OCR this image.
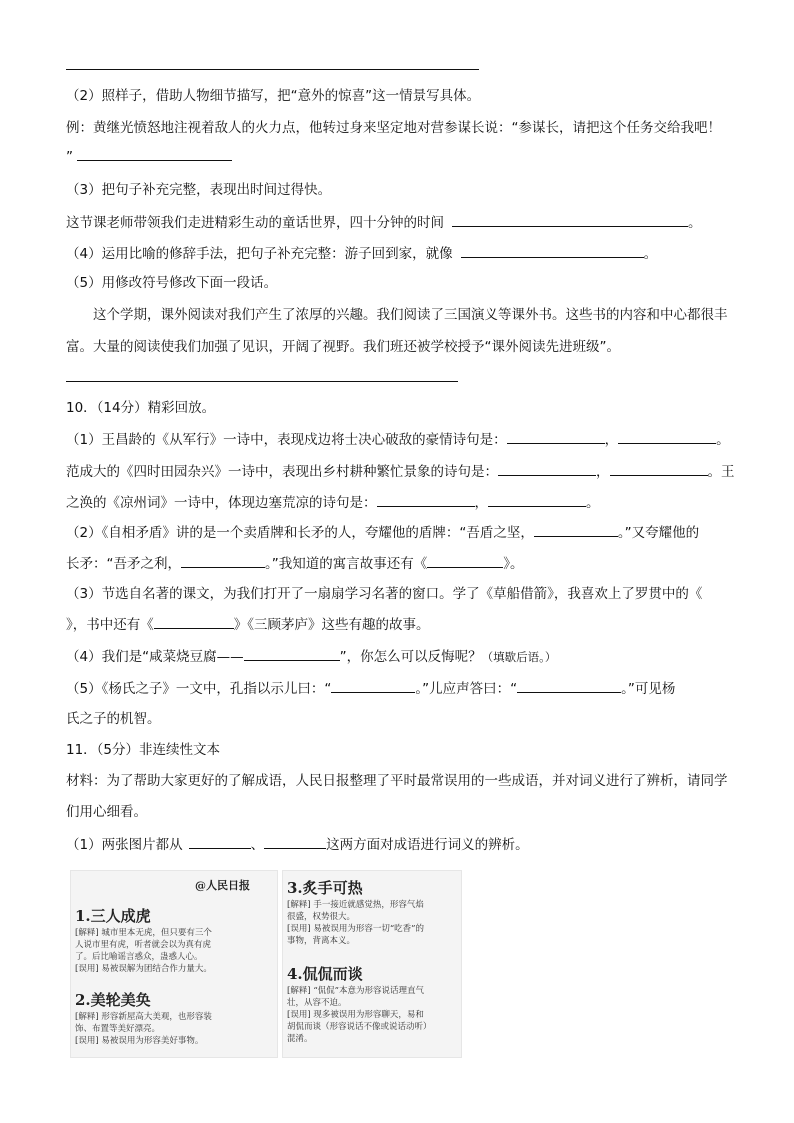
（2）照样子，借助人物细节描写，把“意外的惊喜”这一情景写具体。
例：黄继光愤怒地注视着敌人的火力点，他转过身来坚定地对营参谋长说：“参谋长，请把这个任务交给我吧！
”
（3）把句子补充完整，表现出时间过得快。
这节课老师带领我们走进精彩生动的童话世界，四十分钟的时间	。
（4）运用比喻的修辞手法，把句子补充完整：游子回到家，就像	。
（5）用修改符号修改下面一段话。
这个学期，课外阅读对我们产生了浓厚的兴趣。我们阅读了三国演义等课外书。这些书的内容和中心都很丰
富。大量的阅读使我们加强了见识，开阔了视野。我们班还被学校授予“课外阅读先进班级”。
10．（14分）精彩回放。
（1）王昌龄的《从军行》一诗中，表现戍边将士决心破敌的豪情诗句是：	，	。
范成大的《四时田园杂兴》一诗中，表现出乡村耕种繁忙景象的诗句是：	，	。王
之涣的《凉州词》一诗中，体现边塞荒凉的诗句是：	，	。
（2）《自相矛盾》讲的是一个卖盾牌和长矛的人，夸耀他的盾牌：“吾盾之坚，	。”又夸耀他的
长矛：“吾矛之利，	。”我知道的寓言故事还有《	》。
（3）节选自名著的课文，为我们打开了一扇扇学习名著的窗口。学了《草船借箭》，我喜欢上了罗贯中的《
》，书中还有《	》《三顾茅庐》这些有趣的故事。
（4）我们是“咸菜烧豆腐——	”，你怎么可以反悔呢？（填歇后语。）
（5）《杨氏之子》一文中，孔指以示儿曰：“	。”儿应声答曰：“	。”可见杨
氏之子的机智。
11．（5分）非连续性文本
材料：为了帮助大家更好的了解成语，人民日报整理了平时最常误用的一些成语，并对词义进行了辨析，请同学
们用心细看。
（1）两张图片都从	、	这两方面对成语进行词义的辨析。
@人民日报
1.三人成虎
[解释] 城市里本无虎，但只要有三个
人说市里有虎，听者就会以为真有虎
了。后比喻谣言惑众，蛊惑人心。
[误用] 易被误解为团结合作力量大。
2.美轮美奂
[解释] 形容新屋高大美观，也形容装
饰、布置等美好漂亮。
[误用] 易被误用为形容美好事物。
3.炙手可热
[解释] 手一接近就感觉热，形容气焰
很盛，权势很大。
[误用] 易被误用为形容一切“吃香”的
事物，背离本义。
4.侃侃而谈
[解释] “侃侃”本意为形容说话理直气
壮，从容不迫。
[误用] 现多被误用为形容聊天，易和
胡侃而谈（形容说话不像或说话动听）
混淆。
